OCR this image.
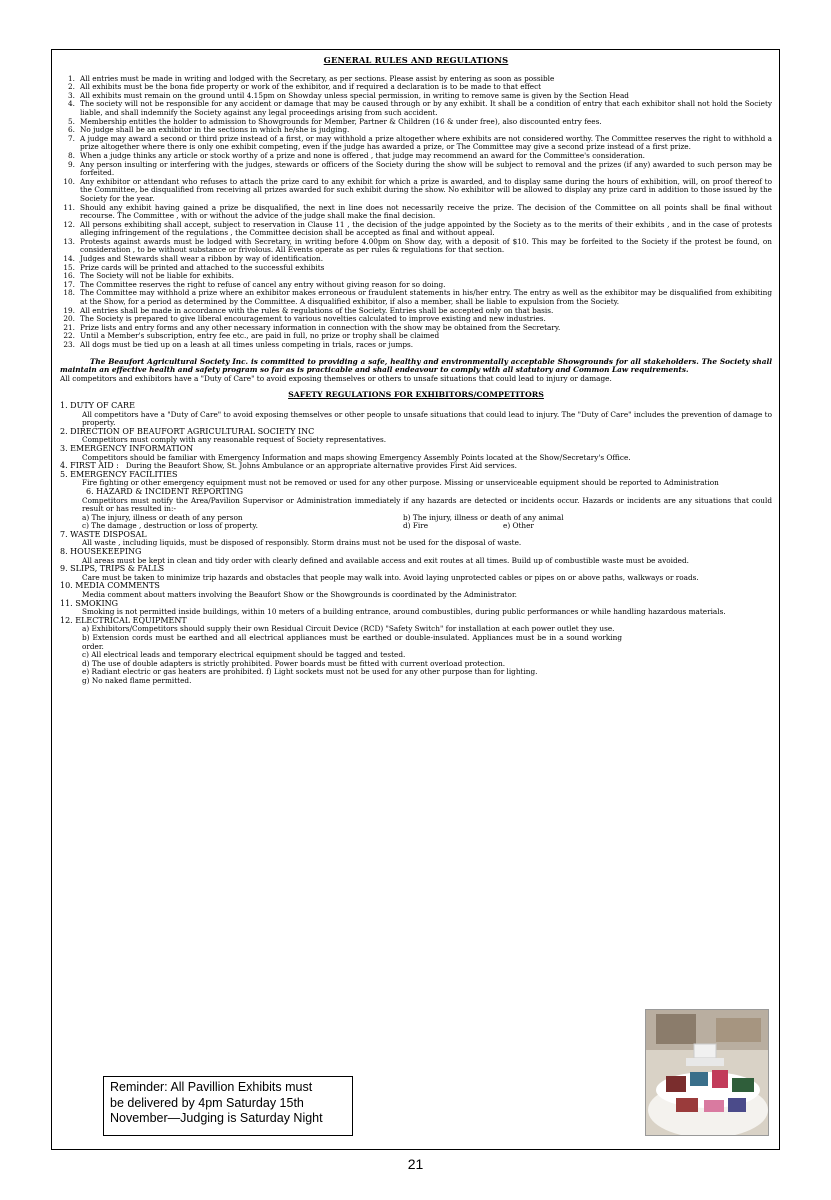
GENERAL RULES AND REGULATIONS
1. All entries must be made in writing and lodged with the Secretary, as per sections. Please assist by entering as soon as possible
2. All exhibits must be the bona fide property or work of the exhibitor, and if required a declaration is to be made to that effect
3. All exhibits must remain on the ground until 4.15pm on Showday unless special permission, in writing to remove same is given by the Section Head
4. The society will not be responsible for any accident or damage that may be caused through or by any exhibit. It shall be a condition of entry that each exhibitor shall not hold the Society liable, and shall indemnify the Society against any legal proceedings arising from such accident.
5. Membership entitles the holder to admission to Showgrounds for Member, Partner & Children (16 & under free), also discounted entry fees.
6. No judge shall be an exhibitor in the sections in which he/she is judging.
7. A judge may award a second or third prize instead of a first, or may withhold a prize altogether where exhibits are not considered worthy. The Committee reserves the right to withhold a prize altogether where there is only one exhibit competing, even if the judge has awarded a prize, or The Committee may give a second prize instead of a first prize.
8. When a judge thinks any article or stock worthy of a prize and none is offered , that judge may recommend an award for the Committee's consideration.
9. Any person insulting or interfering with the judges, stewards or officers of the Society during the show will be subject to removal and the prizes (if any) awarded to such person may be forfeited.
10. Any exhibitor or attendant who refuses to attach the prize card to any exhibit for which a prize is awarded, and to display same during the hours of exhibition, will, on proof thereof to the Committee, be disqualified from receiving all prizes awarded for such exhibit during the show. No exhibitor will be allowed to display any prize card in addition to those issued by the Society for the year.
11. Should any exhibit having gained a prize be disqualified, the next in line does not necessarily receive the prize. The decision of the Committee on all points shall be final without recourse. The Committee , with or without the advice of the judge shall make the final decision.
12. All persons exhibiting shall accept, subject to reservation in Clause 11 , the decision of the judge appointed by the Society as to the merits of their exhibits , and in the case of protests alleging infringement of the regulations , the Committee decision shall be accepted as final and without appeal.
13. Protests against awards must be lodged with Secretary, in writing before 4.00pm on Show day, with a deposit of $10. This may be forfeited to the Society if the protest be found, on consideration , to be without substance or frivolous. All Events operate as per rules & regulations for that section.
14. Judges and Stewards shall wear a ribbon by way of identification.
15. Prize cards will be printed and attached to the successful exhibits
16. The Society will not be liable for exhibits.
17. The Committee reserves the right to refuse of cancel any entry without giving reason for so doing.
18. The Committee may withhold a prize where an exhibitor makes erroneous or fraudulent statements in his/her entry. The entry as well as the exhibitor may be disqualified from exhibiting at the Show, for a period as determined by the Committee. A disqualified exhibitor, if also a member, shall be liable to expulsion from the Society.
19. All entries shall be made in accordance with the rules & regulations of the Society. Entries shall be accepted only on that basis.
20. The Society is prepared to give liberal encouragement to various novelties calculated to improve existing and new industries.
21. Prize lists and entry forms and any other necessary information in connection with the show may be obtained from the Secretary.
22. Until a Member's subscription, entry fee etc., are paid in full, no prize or trophy shall be claimed
23. All dogs must be tied up on a leash at all times unless competing in trials, races or jumps.
The Beaufort Agricultural Society Inc. is committed to providing a safe, healthy and environmentally acceptable Showgrounds for all stakeholders. The Society shall maintain an effective health and safety program so far as is practicable and shall endeavour to comply with all statutory and Common Law requirements.
All competitors and exhibitors have a "Duty of Care" to avoid exposing themselves or others to unsafe situations that could lead to injury or damage.
SAFETY REGULATIONS FOR EXHIBITORS/COMPETITORS
1. DUTY OF CARE
All competitors have a "Duty of Care" to avoid exposing themselves or other people to unsafe situations that could lead to injury. The "Duty of Care" includes the prevention of damage to property.
2. DIRECTION OF BEAUFORT AGRICULTURAL SOCIETY INC
Competitors must comply with any reasonable request of Society representatives.
3. EMERGENCY INFORMATION
Competitors should be familiar with Emergency Information and maps showing Emergency Assembly Points located at the Show/Secretary's Office.
4. FIRST AID : During the Beaufort Show, St. Johns Ambulance or an appropriate alternative provides First Aid services.
5. EMERGENCY FACILITIES
Fire fighting or other emergency equipment must not be removed or used for any other purpose. Missing or unserviceable equipment should be reported to Administration
6. HAZARD & INCIDENT REPORTING
Competitors must notify the Area/Pavilion Supervisor or Administration immediately if any hazards are detected or incidents occur. Hazards or incidents are any situations that could result or has resulted in:-
a) The injury, illness or death of any person	b) The injury, illness or death of any animal
c) The damage , destruction or loss of property.	d) Fire	e) Other
7. WASTE DISPOSAL
All waste , including liquids, must be disposed of responsibly. Storm drains must not be used for the disposal of waste.
8. HOUSEKEEPING
All areas must be kept in clean and tidy order with clearly defined and available access and exit routes at all times. Build up of combustible waste must be avoided.
9. SLIPS, TRIPS & FALLS
Care must be taken to minimize trip hazards and obstacles that people may walk into. Avoid laying unprotected cables or pipes on or above paths, walkways or roads.
10. MEDIA COMMENTS
Media comment about matters involving the Beaufort Show or the Showgrounds is coordinated by the Administrator.
11. SMOKING
Smoking is not permitted inside buildings, within 10 meters of a building entrance, around combustibles, during public performances or while handling hazardous materials.
12. ELECTRICAL EQUIPMENT
a) Exhibitors/Competitors should supply their own Residual Circuit Device (RCD) "Safety Switch" for installation at each power outlet they use.
b) Extension cords must be earthed and all electrical appliances must be earthed or double-insulated. Appliances must be in a sound working order.
c) All electrical leads and temporary electrical equipment should be tagged and tested.
d) The use of double adapters is strictly prohibited. Power boards must be fitted with current overload protection.
e) Radiant electric or gas heaters are prohibited. f) Light sockets must not be used for any other purpose than for lighting.
g) No naked flame permitted.
Reminder: All Pavillion Exhibits must
be delivered by 4pm Saturday 15th
November—Judging is Saturday Night
21
